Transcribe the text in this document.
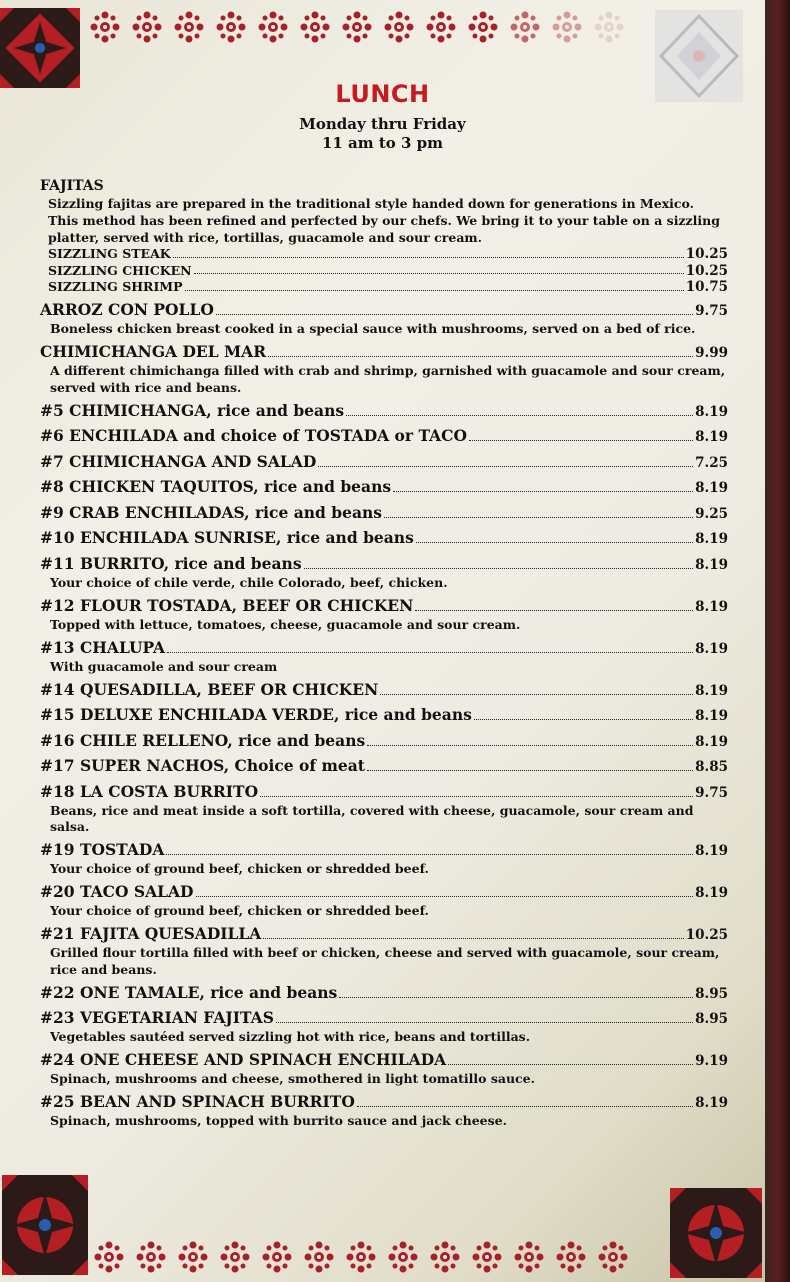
LUNCH
Monday thru Friday
11 am to 3 pm
FAJITAS
Sizzling fajitas are prepared in the traditional style handed down for generations in Mexico. This method has been refined and perfected by our chefs. We bring it to your table on a sizzling platter, served with rice, tortillas, guacamole and sour cream.
SIZZLING STEAK	10.25
SIZZLING CHICKEN	10.25
SIZZLING SHRIMP	10.75
ARROZ CON POLLO	9.75
Boneless chicken breast cooked in a special sauce with mushrooms, served on a bed of rice.
CHIMICHANGA DEL MAR	9.99
A different chimichanga filled with crab and shrimp, garnished with guacamole and sour cream, served with rice and beans.
#5 CHIMICHANGA, rice and beans	8.19
#6 ENCHILADA and choice of TOSTADA or TACO	8.19
#7 CHIMICHANGA AND SALAD	7.25
#8 CHICKEN TAQUITOS, rice and beans	8.19
#9 CRAB ENCHILADAS, rice and beans	9.25
#10 ENCHILADA SUNRISE, rice and beans	8.19
#11 BURRITO, rice and beans	8.19
Your choice of chile verde, chile Colorado, beef, chicken.
#12 FLOUR TOSTADA, BEEF OR CHICKEN	8.19
Topped with lettuce, tomatoes, cheese, guacamole and sour cream.
#13 CHALUPA	8.19
With guacamole and sour cream
#14 QUESADILLA, BEEF OR CHICKEN	8.19
#15 DELUXE ENCHILADA VERDE, rice and beans	8.19
#16 CHILE RELLENO, rice and beans	8.19
#17 SUPER NACHOS, Choice of meat	8.85
#18 LA COSTA BURRITO	9.75
Beans, rice and meat inside a soft tortilla, covered with cheese, guacamole, sour cream and salsa.
#19 TOSTADA	8.19
Your choice of ground beef, chicken or shredded beef.
#20 TACO SALAD	8.19
Your choice of ground beef, chicken or shredded beef.
#21 FAJITA QUESADILLA	10.25
Grilled flour tortilla filled with beef or chicken, cheese and served with guacamole, sour cream, rice and beans.
#22 ONE TAMALE, rice and beans	8.95
#23 VEGETARIAN FAJITAS	8.95
Vegetables sautéed served sizzling hot with rice, beans and tortillas.
#24 ONE CHEESE AND SPINACH ENCHILADA	9.19
Spinach, mushrooms and cheese, smothered in light tomatillo sauce.
#25 BEAN AND SPINACH BURRITO	8.19
Spinach, mushrooms, topped with burrito sauce and jack cheese.
